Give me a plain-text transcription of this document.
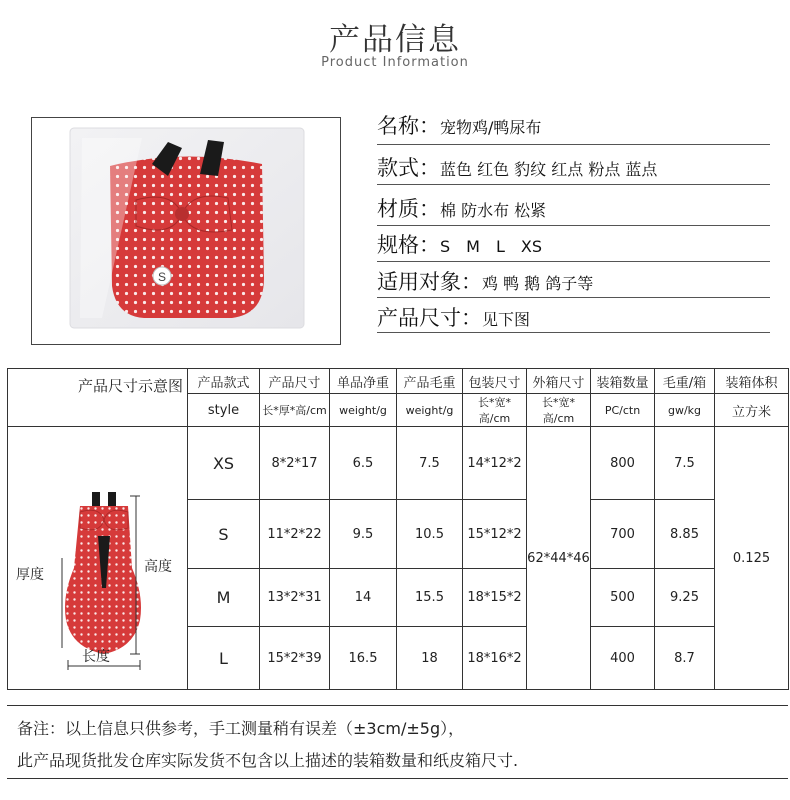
产品信息
Product Information
S
名称：宠物鸡/鸭尿布
款式：蓝色 红色 豹纹 红点 粉点 蓝点
材质：棉 防水布 松紧
规格：S　M　L　XS
适用对象：鸡 鸭 鹅 鸽子等
产品尺寸：见下图
产品尺寸示意图	产品款式	产品尺寸	单品净重	产品毛重	包装尺寸	外箱尺寸	装箱数量	毛重/箱	装箱体积
	style	长*厚*高/cm	weight/g	weight/g	长*宽*高/cm	长*宽*高/cm	PC/ctn	gw/kg	立方米

厚度 高度
长度	XS	8*2*17	6.5	7.5	14*12*2	62*44*46	800	7.5	0.125
	S	11*2*22	9.5	10.5	15*12*2		700	8.85	
	M	13*2*31	14	15.5	18*15*2		500	9.25	
	L	15*2*39	16.5	18	18*16*2		400	8.7	
备注：以上信息只供参考，手工测量稍有误差（±3cm/±5g），
此产品现货批发仓库实际发货不包含以上描述的装箱数量和纸皮箱尺寸.
